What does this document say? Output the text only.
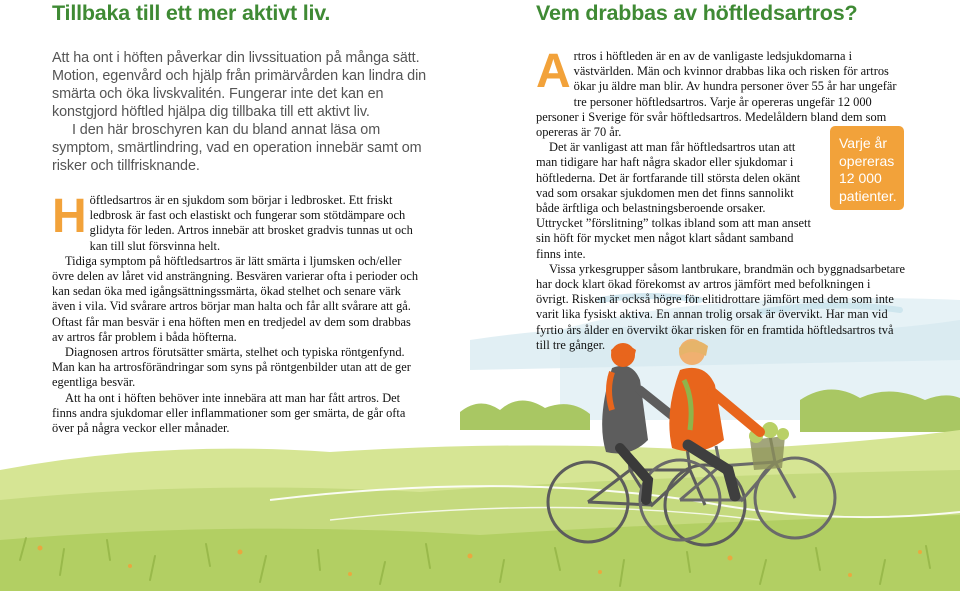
Tillbaka till ett mer aktivt liv.

Att ha ont i höften påverkar din livssituation på många sätt. Motion, egenvård och hjälp från primärvården kan lindra din smärta och öka livskvalitén. Fungerar inte det kan en konstgjord höftled hjälpa dig tillbaka till ett aktivt liv.

I den här broschyren kan du bland annat läsa om symptom, smärtlindring, vad en operation innebär samt om risker och tillfrisknande.

Höftledsartros är en sjukdom som börjar i ledbrosket. Ett friskt ledbrosk är fast och elastiskt och fungerar som stötdämpare och glidyta för leden. Artros innebär att brosket gradvis tunnas ut och kan till slut försvinna helt.

Tidiga symptom på höftledsartros är lätt smärta i ljumsken och/eller övre delen av låret vid ansträngning. Besvären varierar ofta i perioder och kan sedan öka med igångsättningssmärta, ökad stelhet och senare värk även i vila. Vid svårare artros börjar man halta och får allt svårare att gå. Oftast får man besvär i ena höften men en tredjedel av dem som drabbas av artros får problem i båda höfterna.

Diagnosen artros förutsätter smärta, stelhet och typiska röntgenfynd. Man kan ha artrosförändringar som syns på röntgenbilder utan att de ger egentliga besvär.

Att ha ont i höften behöver inte innebära att man har fått artros. Det finns andra sjukdomar eller inflammationer som ger smärta, de går ofta över på några veckor eller månader.

Vem drabbas av höftledsartros?

Artros i höftleden är en av de vanligaste ledsjukdomarna i västvärlden. Män och kvinnor drabbas lika och risken för artros ökar ju äldre man blir. Av hundra personer över 55 år har ungefär tre personer höftledsartros. Varje år opereras ungefär 12 000 personer i Sverige för svår höftledsartros. Medelåldern bland dem som opereras är 70 år.

Det är vanligast att man får höftledsartros utan att man tidigare har haft några skador eller sjukdomar i höftlederna. Det är fortfarande till största delen okänt vad som orsakar sjukdomen men det finns sannolikt både ärftliga och belastningsberoende orsaker. Uttrycket ”förslitning” tolkas ibland som att man ansett sin höft för mycket men något klart sådant samband finns inte.

Vissa yrkesgrupper såsom lantbrukare, brandmän och byggnadsarbetare har dock klart ökad förekomst av artros jämfört med befolkningen i övrigt. Risken är också högre för elitidrottare jämfört med dem som inte varit lika fysiskt aktiva. En annan trolig orsak är övervikt. Har man vid fyrtio års ålder en övervikt ökar risken för en framtida höftledsartros två till tre gånger.

Varje år
opereras
12 000
patienter.
